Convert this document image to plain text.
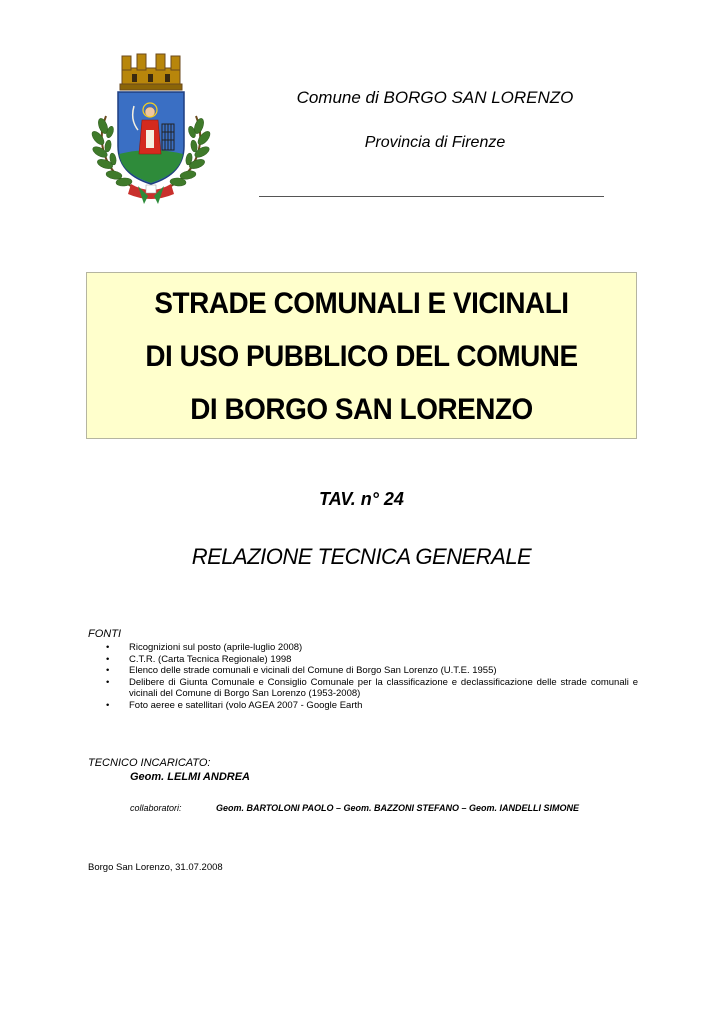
Comune di BORGO SAN LORENZO
Provincia di Firenze
STRADE COMUNALI E VICINALI
DI USO PUBBLICO DEL COMUNE
DI BORGO SAN LORENZO
TAV. n° 24
RELAZIONE TECNICA GENERALE
FONTI
• Ricognizioni sul posto (aprile-luglio 2008)
• C.T.R. (Carta Tecnica Regionale) 1998
• Elenco delle strade comunali e vicinali del Comune di Borgo San Lorenzo (U.T.E. 1955)
• Delibere di Giunta Comunale e Consiglio Comunale per la classificazione e declassificazione delle strade comunali e vicinali del Comune di Borgo San Lorenzo (1953-2008)
• Foto aeree e satellitari (volo AGEA 2007 - Google Earth
TECNICO INCARICATO:
Geom. LELMI ANDREA
collaboratori:	Geom. BARTOLONI PAOLO – Geom. BAZZONI STEFANO – Geom. IANDELLI SIMONE
Borgo San Lorenzo, 31.07.2008
